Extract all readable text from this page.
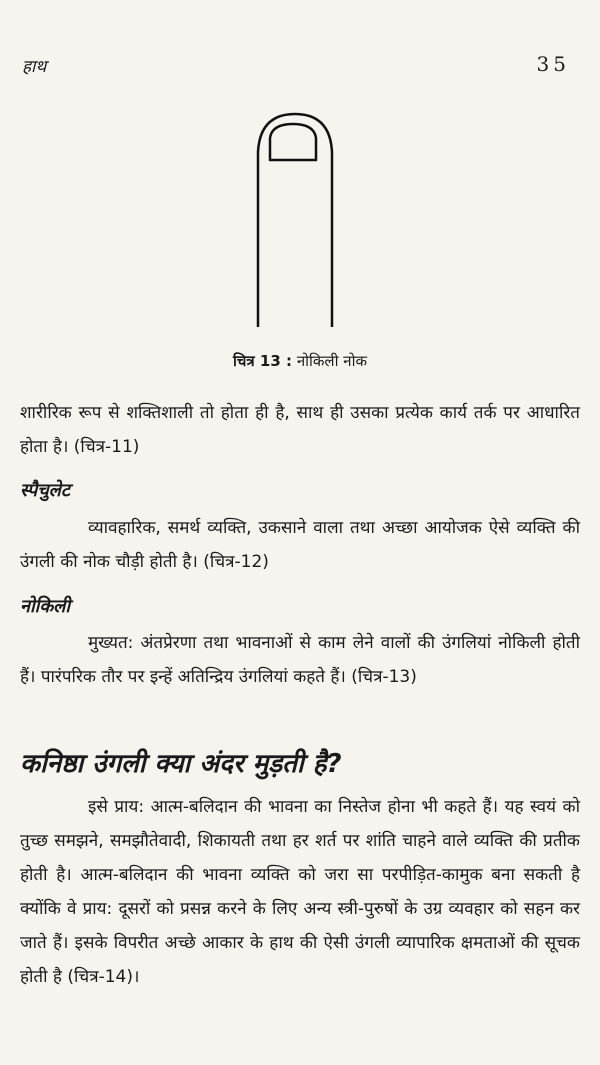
हाथ	35
चित्र 13 : नोकिली नोक
शारीरिक रूप से शक्तिशाली तो होता ही है, साथ ही उसका प्रत्येक कार्य तर्क पर आधारित होता है। (चित्र-11)
स्पैचुलेट
व्यावहारिक, समर्थ व्यक्ति, उकसाने वाला तथा अच्छा आयोजक ऐसे व्यक्ति की उंगली की नोक चौड़ी होती है। (चित्र-12)
नोकिली
मुख्यत: अंतप्रेरणा तथा भावनाओं से काम लेने वालों की उंगलियां नोकिली होती हैं। पारंपरिक तौर पर इन्हें अतिन्द्रिय उंगलियां कहते हैं। (चित्र-13)
कनिष्ठा उंगली क्या अंदर मुड़ती है?
इसे प्राय: आत्म-बलिदान की भावना का निस्तेज होना भी कहते हैं। यह स्वयं को तुच्छ समझने, समझौतेवादी, शिकायती तथा हर शर्त पर शांति चाहने वाले व्यक्ति की प्रतीक होती है। आत्म-बलिदान की भावना व्यक्ति को जरा सा परपीड़ित-कामुक बना सकती है क्योंकि वे प्राय: दूसरों को प्रसन्न करने के लिए अन्य स्त्री-पुरुषों के उग्र व्यवहार को सहन कर जाते हैं। इसके विपरीत अच्छे आकार के हाथ की ऐसी उंगली व्यापारिक क्षमताओं की सूचक होती है (चित्र-14)।
